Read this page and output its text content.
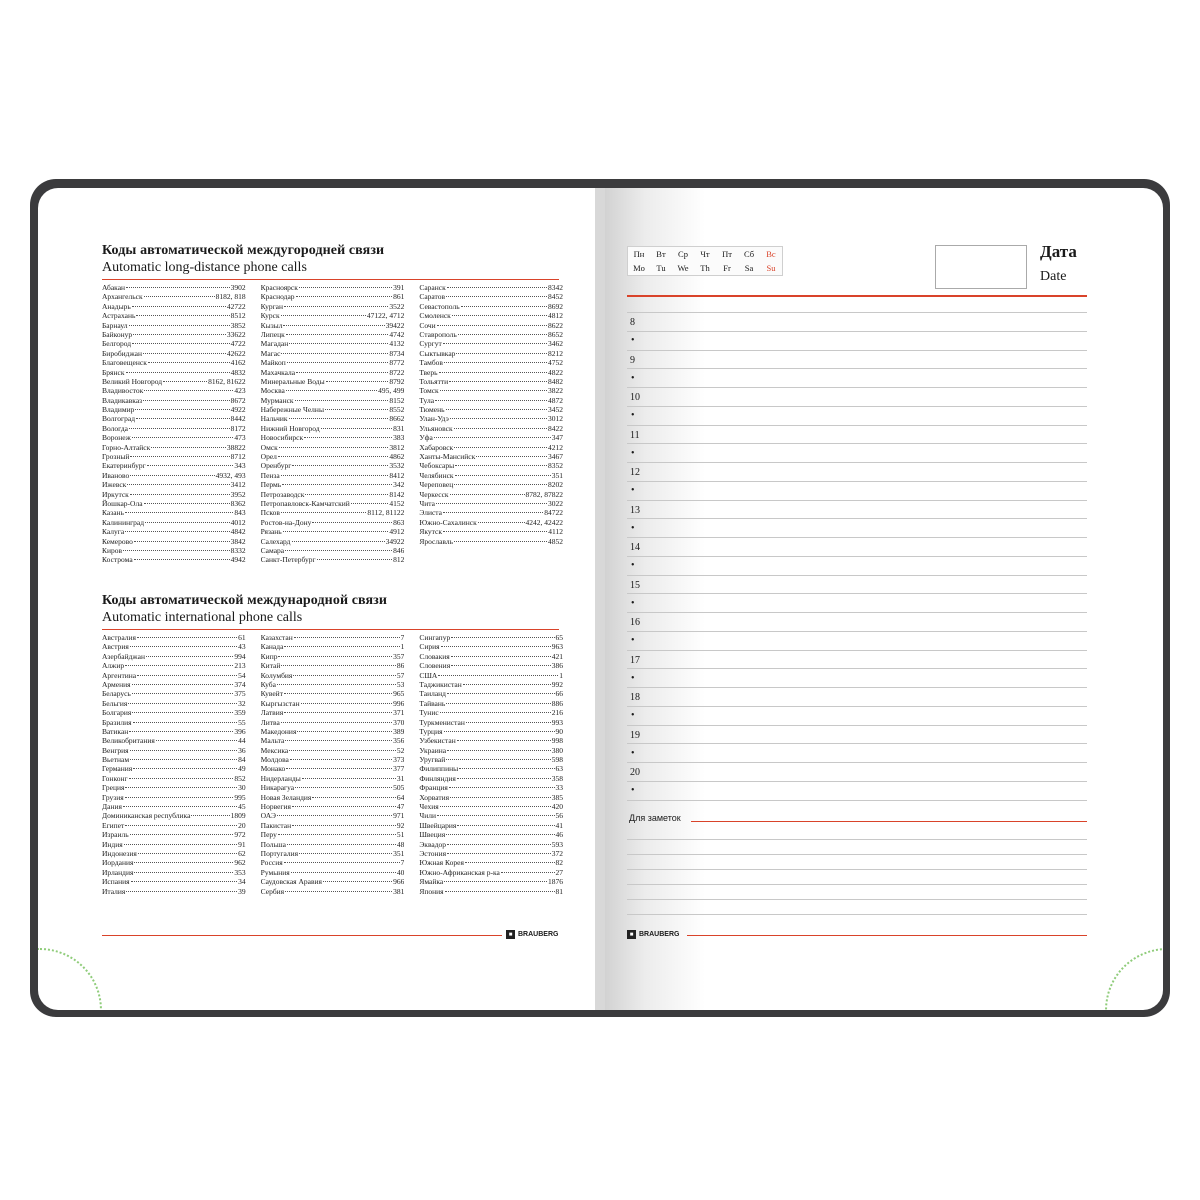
Коды автоматической междугородней связи
Automatic long-distance phone calls
Абакан	3902
Архангельск	8182, 818
Анадырь	42722
Астрахань	8512
Барнаул	3852
Байконур	33622
Белгород	4722
Биробиджан	42622
Благовещенск	4162
Брянск	4832
Великий Новгород	8162, 81622
Владивосток	423
Владикавказ	8672
Владимир	4922
Волгоград	8442
Вологда	8172
Воронеж	473
Горно-Алтайск	38822
Грозный	8712
Екатеринбург	343
Иваново	4932, 493
Ижевск	3412
Иркутск	3952
Йошкар-Ола	8362
Казань	843
Калининград	4012
Калуга	4842
Кемерово	3842
Киров	8332
Кострома	4942
Красноярск	391
Краснодар	861
Курган	3522
Курск	47122, 4712
Кызыл	39422
Липецк	4742
Магадан	4132
Магас	8734
Майкоп	8772
Махачкала	8722
Минеральные Воды	8792
Москва	495, 499
Мурманск	8152
Набережные Челны	8552
Нальчик	8662
Нижний Новгород	831
Новосибирск	383
Омск	3812
Орел	4862
Оренбург	3532
Пенза	8412
Пермь	342
Петрозаводск	8142
Петропавловск-Камчатский	4152
Псков	8112, 81122
Ростов-на-Дону	863
Рязань	4912
Салехард	34922
Самара	846
Санкт-Петербург	812
Саранск	8342
Саратов	8452
Севастополь	8692
Смоленск	4812
Сочи	8622
Ставрополь	8652
Сургут	3462
Сыктывкар	8212
Тамбов	4752
Тверь	4822
Тольятти	8482
Томск	3822
Тула	4872
Тюмень	3452
Улан-Удэ	3012
Ульяновск	8422
Уфа	347
Хабаровск	4212
Ханты-Мансийск	3467
Чебоксары	8352
Челябинск	351
Череповец	8202
Черкесск	8782, 87822
Чита	3022
Элиста	84722
Южно-Сахалинск	4242, 42422
Якутск	4112
Ярославль	4852
Коды автоматической международной связи
Automatic international phone calls
Австралия	61
Австрия	43
Азербайджан	994
Алжир	213
Аргентина	54
Армения	374
Беларусь	375
Бельгия	32
Болгария	359
Бразилия	55
Ватикан	396
Великобритания	44
Венгрия	36
Вьетнам	84
Германия	49
Гонконг	852
Греция	30
Грузия	995
Дания	45
Доминиканская республика	1809
Египет	20
Израиль	972
Индия	91
Индонезия	62
Иордания	962
Ирландия	353
Испания	34
Италия	39
Казахстан	7
Канада	1
Кипр	357
Китай	86
Колумбия	57
Куба	53
Кувейт	965
Кыргызстан	996
Латвия	371
Литва	370
Македония	389
Мальта	356
Мексика	52
Молдова	373
Монако	377
Нидерланды	31
Никарагуа	505
Новая Зеландия	64
Норвегия	47
ОАЭ	971
Пакистан	92
Перу	51
Польша	48
Португалия	351
Россия	7
Румыния	40
Саудовская Аравия	966
Сербия	381
Сингапур	65
Сирия	963
Словакия	421
Словения	386
США	1
Таджикистан	992
Таиланд	66
Тайвань	886
Тунис	216
Туркменистан	993
Турция	90
Узбекистан	998
Украина	380
Уругвай	598
Филиппины	63
Финляндия	358
Франция	33
Хорватия	385
Чехия	420
Чили	56
Швейцария	41
Швеция	46
Эквадор	593
Эстония	372
Южная Корея	82
Южно-Африканская р-ка	27
Ямайка	1876
Япония	81
■ BRAUBERG
Пн	Вт	Ср	Чт	Пт	Сб	Вс
Mo	Tu	We	Th	Fr	Sa	Su
Дата
Date
8
•
9
•
10
•
11
•
12
•
13
•
14
•
15
•
16
•
17
•
18
•
19
•
20
•
Для заметок
■ BRAUBERG
